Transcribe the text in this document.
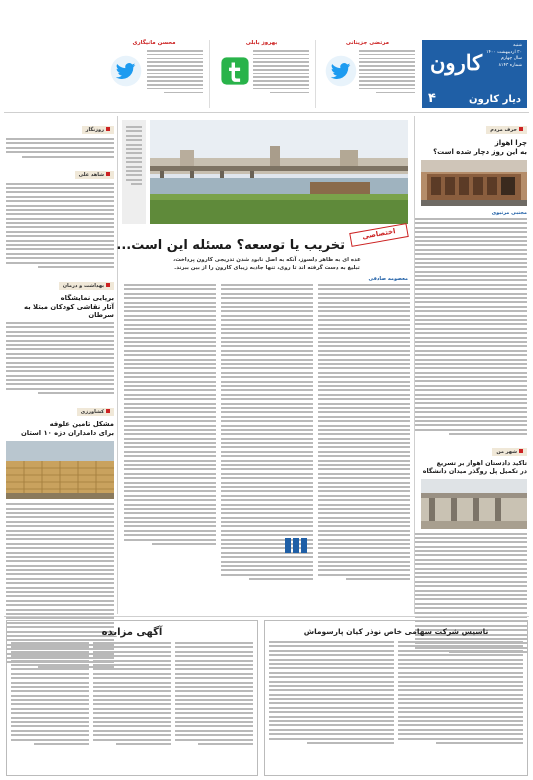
شنبه
۳۰ اردیبهشت ۱۴۰۰
سال چهارم
شماره ۸۱۴۳
کارون
دیار کارون
۴
مرتضی جزینانی
بهروز بابلی
محسن مانیگاری
حرف مردم
چرا اهواز
به این روز دچار شده است؟
مجتبی مرتیوی
شهر من
تاکید دادستان اهواز بر تسریع
در تکمیل پل روگذر میدان دانشگاه
روزنگار
شاهد علی
بهداشت و درمان
برپایی نمایشگاه
آثار نقاشی کودکان مبتلا به سرطان
کشاورزی
مشکل تامین علوفه
برای دامداران دزه ۱۰ استان
اختصاصی
تخریب یا توسعه؟ مسئله این است...
عده ای به ظاهر دلسوز، آنکه به اصل نابود شدن تدریجی کارون پرداخت،
تبلیغ به دست گرفته اند تا روی، تنها جاذبه زیبای کارون را از بین ببرند.
معصومه صادقی
آگهی مزایده	تاسیس شرکت سهامی خاص نوذر کیان پارسوماش
